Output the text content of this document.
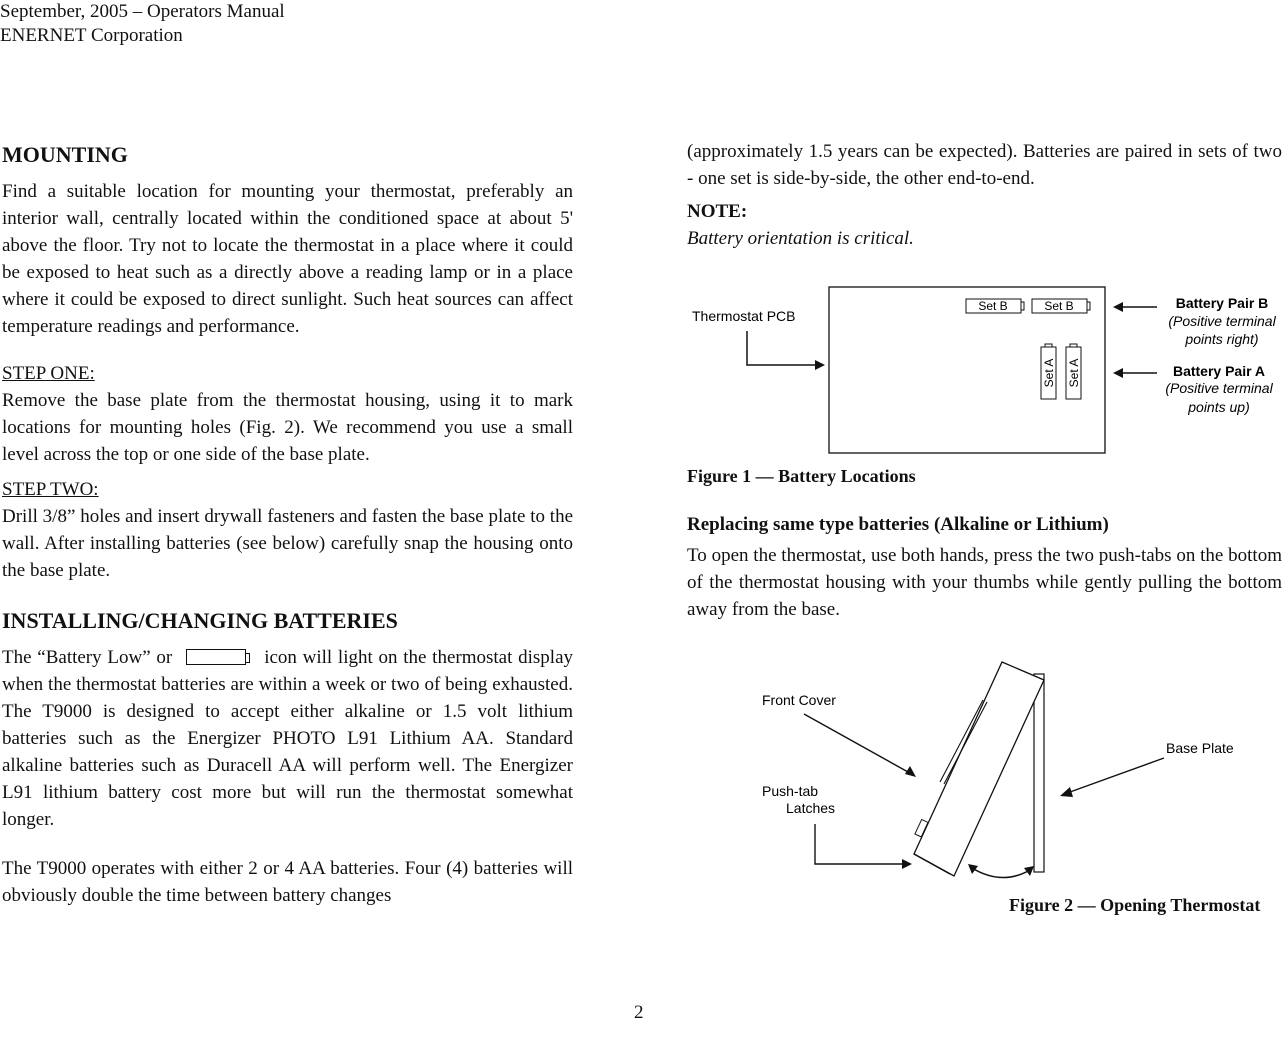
September, 2005 – Operators Manual
ENERNET Corporation
MOUNTING

Find a suitable location for mounting your thermostat, preferably an interior wall, centrally located within the conditioned space at about 5' above the floor. Try not to locate the thermostat in a place where it could be exposed to heat such as a directly above a reading lamp or in a place where it could be exposed to direct sunlight. Such heat sources can affect temperature readings and performance.

STEP ONE:

Remove the base plate from the thermostat housing, using it to mark locations for mounting holes (Fig. 2). We recommend you use a small level across the top or one side of the base plate.

STEP TWO:

Drill 3/8” holes and insert drywall fasteners and fasten the base plate to the wall. After installing batteries (see below) carefully snap the housing onto the base plate.

INSTALLING/CHANGING BATTERIES

The “Battery Low” or	icon will light on the thermostat display when the thermostat batteries are within a week or two of being exhausted. The T9000 is designed to accept either alkaline or 1.5 volt lithium batteries such as the Energizer PHOTO L91 Lithium AA. Standard alkaline batteries such as Duracell AA will perform well. The Energizer L91 lithium battery cost more but will run the thermostat somewhat longer.

The T9000 operates with either 2 or 4 AA batteries. Four (4) batteries will obviously double the time between battery changes

(approximately 1.5 years can be expected). Batteries are paired in sets of two - one set is side-by-side, the other end-to-end.

NOTE:
Battery orientation is critical.
Thermostat PCB
Set B	Set B
Set A Set A
Battery Pair B
(Positive terminal
points right)
Battery Pair A
(Positive terminal
points up)
Figure 1 — Battery Locations
Replacing same type batteries (Alkaline or Lithium)

To open the thermostat, use both hands, press the two push-tabs on the bottom of the thermostat housing with your thumbs while gently pulling the bottom away from the base.

Front Cover
Base Plate
Push-tab
Latches
Figure 2 — Opening Thermostat
2
